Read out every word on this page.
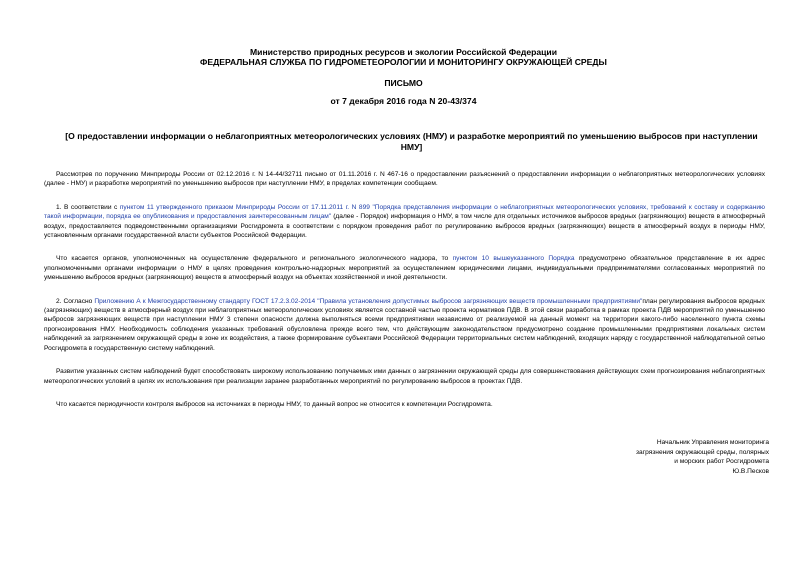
Министерство природных ресурсов и экологии Российской Федерации
ФЕДЕРАЛЬНАЯ СЛУЖБА ПО ГИДРОМЕТЕОРОЛОГИИ И МОНИТОРИНГУ ОКРУЖАЮЩЕЙ СРЕДЫ
ПИСЬМО
от 7 декабря 2016 года N 20-43/374
[О предоставлении информации о неблагоприятных метеорологических условиях (НМУ) и разработке мероприятий по уменьшению выбросов при наступлении НМУ]

Рассмотрев по поручению Минприроды России от 02.12.2016 г. N 14-44/32711 письмо от 01.11.2016 г. N 467-16 о предоставлении разъяснений о предоставлении информации о неблагоприятных метеорологических условиях (далее - НМУ) и разработке мероприятий по уменьшению выбросов при наступлении НМУ, в пределах компетенции сообщаем.

1. В соответствии с пунктом 11 утвержденного приказом Минприроды России от 17.11.2011 г. N 899 "Порядка представления информации о неблагоприятных метеорологических условиях, требований к составу и содержанию такой информации, порядка ее опубликования и предоставления заинтересованным лицам" (далее - Порядок) информация о НМУ, в том числе для отдельных источников выбросов вредных (загрязняющих) веществ в атмосферный воздух, предоставляется подведомственными организациями Росгидромета в соответствии с порядком проведения работ по регулированию выбросов вредных (загрязняющих) веществ в атмосферный воздух в периоды НМУ, установленным органами государственной власти субъектов Российской Федерации.

Что касается органов, уполномоченных на осуществление федерального и регионального экологического надзора, то пунктом 10 вышеуказанного Порядка предусмотрено обязательное представление в их адрес уполномоченными органами информации о НМУ в целях проведения контрольно-надзорных мероприятий за осуществлением юридическими лицами, индивидуальными предпринимателями согласованных мероприятий по уменьшению выбросов вредных (загрязняющих) веществ в атмосферный воздух на объектах хозяйственной и иной деятельности.

2. Согласно Приложению А к Межгосударственному стандарту ГОСТ 17.2.3.02-2014 "Правила установления допустимых выбросов загрязняющих веществ промышленными предприятиями"план регулирования выбросов вредных (загрязняющих) веществ в атмосферный воздух при неблагоприятных метеорологических условиях является составной частью проекта нормативов ПДВ. В этой связи разработка в рамках проекта ПДВ мероприятий по уменьшению выбросов загрязняющих веществ при наступлении НМУ 3 степени опасности должна выполняться всеми предприятиями независимо от реализуемой на данный момент на территории какого-либо населенного пункта схемы прогнозирования НМУ. Необходимость соблюдения указанных требований обусловлена прежде всего тем, что действующим законодательством предусмотрено создание промышленными предприятиями локальных систем наблюдений за загрязнением окружающей среды в зоне их воздействия, а также формирование субъектами Российской Федерации территориальных систем наблюдений, входящих наряду с государственной наблюдательной сетью Росгидромета в государственную систему наблюдений.

Развитие указанных систем наблюдений будет способствовать широкому использованию получаемых ими данных о загрязнении окружающей среды для совершенствования действующих схем прогнозирования неблагоприятных метеорологических условий в целях их использования при реализации заранее разработанных мероприятий по регулированию выбросов в проектах ПДВ.

Что касается периодичности контроля выбросов на источниках в периоды НМУ, то данный вопрос не относится к компетенции Росгидромета.

Начальник Управления мониторинга
загрязнения окружающей среды, полярных
и морских работ Росгидромета
Ю.В.Песков
